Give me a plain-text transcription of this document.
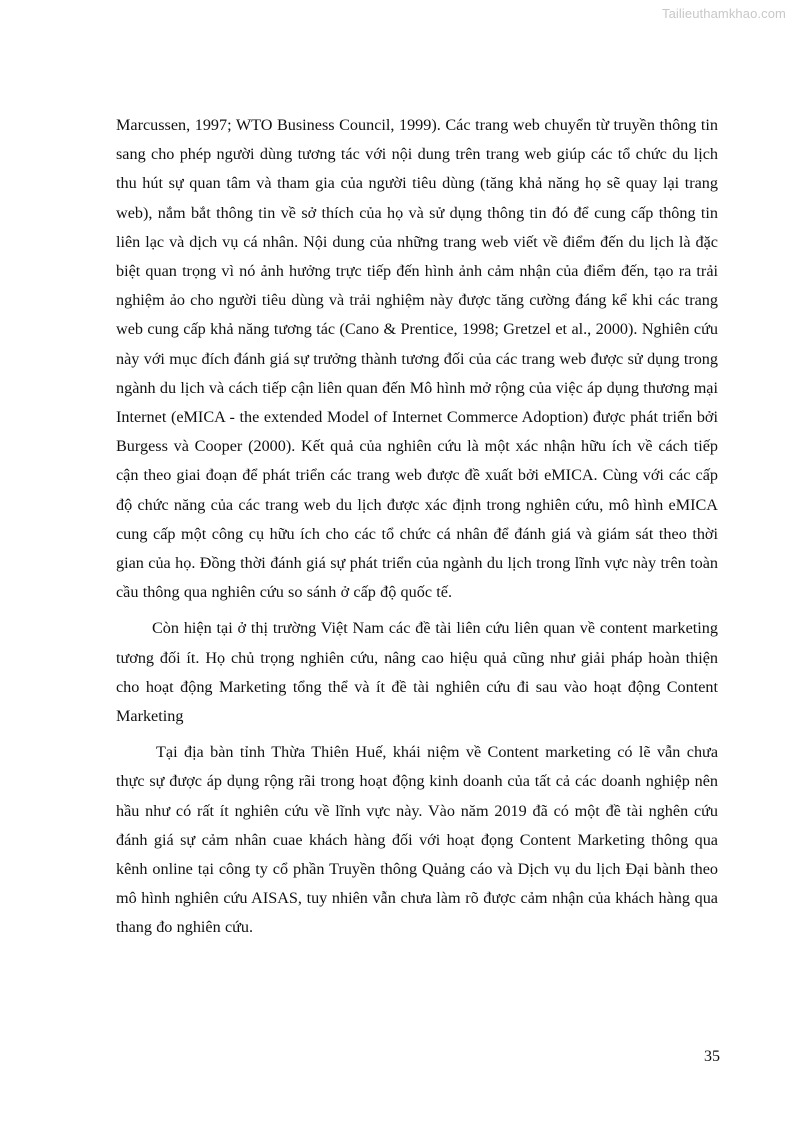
Tailieuthamkhao.com

Marcussen, 1997; WTO Business Council, 1999). Các trang web chuyển từ truyền thông tin sang cho phép người dùng tương tác với nội dung trên trang web giúp các tổ chức du lịch thu hút sự quan tâm và tham gia của người tiêu dùng (tăng khả năng họ sẽ quay lại trang web), nắm bắt thông tin về sở thích của họ và sử dụng thông tin đó để cung cấp thông tin liên lạc và dịch vụ cá nhân. Nội dung của những trang web viết về điểm đến du lịch là đặc biệt quan trọng vì nó ảnh hưởng trực tiếp đến hình ảnh cảm nhận của điểm đến, tạo ra trải nghiệm ảo cho người tiêu dùng và trải nghiệm này được tăng cường đáng kể khi các trang web cung cấp khả năng tương tác (Cano & Prentice, 1998; Gretzel et al., 2000). Nghiên cứu này với mục đích đánh giá sự trưởng thành tương đối của các trang web được sử dụng trong ngành du lịch và cách tiếp cận liên quan đến Mô hình mở rộng của việc áp dụng thương mại Internet (eMICA - the extended Model of Internet Commerce Adoption) được phát triển bởi Burgess và Cooper (2000). Kết quả của nghiên cứu là một xác nhận hữu ích về cách tiếp cận theo giai đoạn để phát triển các trang web được đề xuất bởi eMICA. Cùng với các cấp độ chức năng của các trang web du lịch được xác định trong nghiên cứu, mô hình eMICA cung cấp một công cụ hữu ích cho các tổ chức cá nhân để đánh giá và giám sát theo thời gian của họ. Đồng thời đánh giá sự phát triển của ngành du lịch trong lĩnh vực này trên toàn cầu thông qua nghiên cứu so sánh ở cấp độ quốc tế.

Còn hiện tại ở thị trường Việt Nam các đề tài liên cứu liên quan về content marketing tương đối ít. Họ chủ trọng nghiên cứu, nâng cao hiệu quả cũng như giải pháp hoàn thiện cho hoạt động Marketing tổng thể và ít đề tài nghiên cứu đi sau vào hoạt động Content Marketing

Tại địa bàn tỉnh Thừa Thiên Huế, khái niệm về Content marketing có lẽ vẫn chưa thực sự được áp dụng rộng rãi trong hoạt động kinh doanh của tất cả các doanh nghiệp nên hầu như có rất ít nghiên cứu về lĩnh vực này. Vào năm 2019 đã có một đề tài nghên cứu đánh giá sự cảm nhân cuae khách hàng đối với hoạt đọng Content Marketing thông qua kênh online tại công ty cổ phần Truyền thông Quảng cáo và Dịch vụ du lịch Đại bành theo mô hình nghiên cứu AISAS, tuy nhiên vẫn chưa làm rõ được cảm nhận của khách hàng qua thang đo nghiên cứu.

35
